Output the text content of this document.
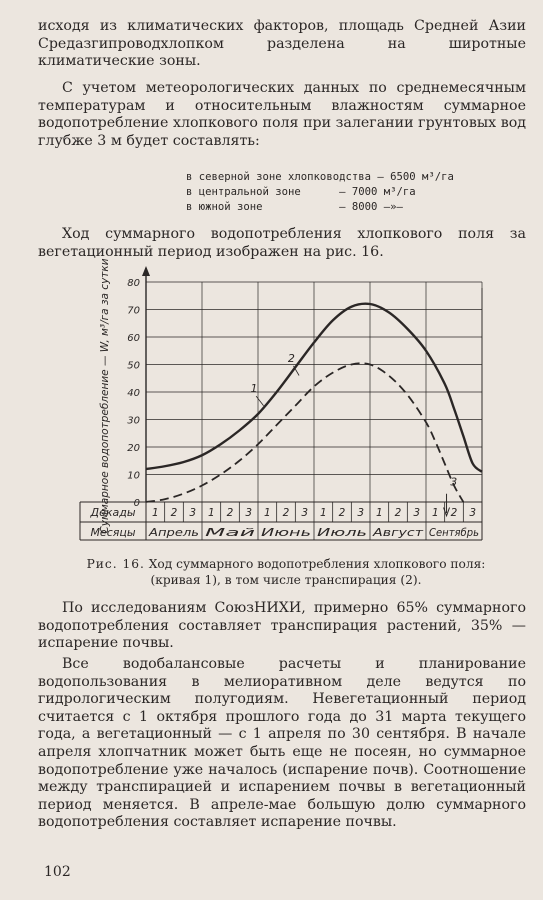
исходя из климатических факторов, площадь Средней Азии Средазгипроводхлопком разделена на широтные климатические зоны.

С учетом метеорологических данных по среднемесячным температурам и относительным влажностям суммарное водопотребление хлопкового поля при залегании грунтовых вод глубже 3 м будет составлять:

в северной зоне хлопководства — 6500 м³/га
в центральной зоне      — 7000 м³/га
в южной зоне            — 8000 —»—

Ход суммарного водопотребления хлопкового поля за вегетационный период изображен на рис. 16.

Декады
Месяцы
1 2 3 1 2 3 1 2 3 1 2 3 1 2 3 1 2 3
Апрель Май Июнь Июль Август Сентябрь
1
2
3
0
10
20
30
40
50
60
70
80
Суммарное водопотребление — W, м³/га за сутки
Рис. 16. Ход суммарного водопотребления хлопкового поля:
(кривая 1), в том числе транспирация (2).

По исследованиям СоюзНИХИ, примерно 65% суммарного водопотребления составляет транспирация растений, 35% — испарение почвы.

Все водобалансовые расчеты и планирование водопользования в мелиоративном деле ведутся по гидрологическим полугодиям. Невегетационный период считается с 1 октября прошлого года до 31 марта текущего года, а вегетационный — с 1 апреля по 30 сентября. В начале апреля хлопчатник может быть еще не посеян, но суммарное водопотребление уже началось (испарение почв). Соотношение между транспирацией и испарением почвы в вегетационный период меняется. В апреле-мае большую долю суммарного водопотребления составляет испарение почвы.

102
